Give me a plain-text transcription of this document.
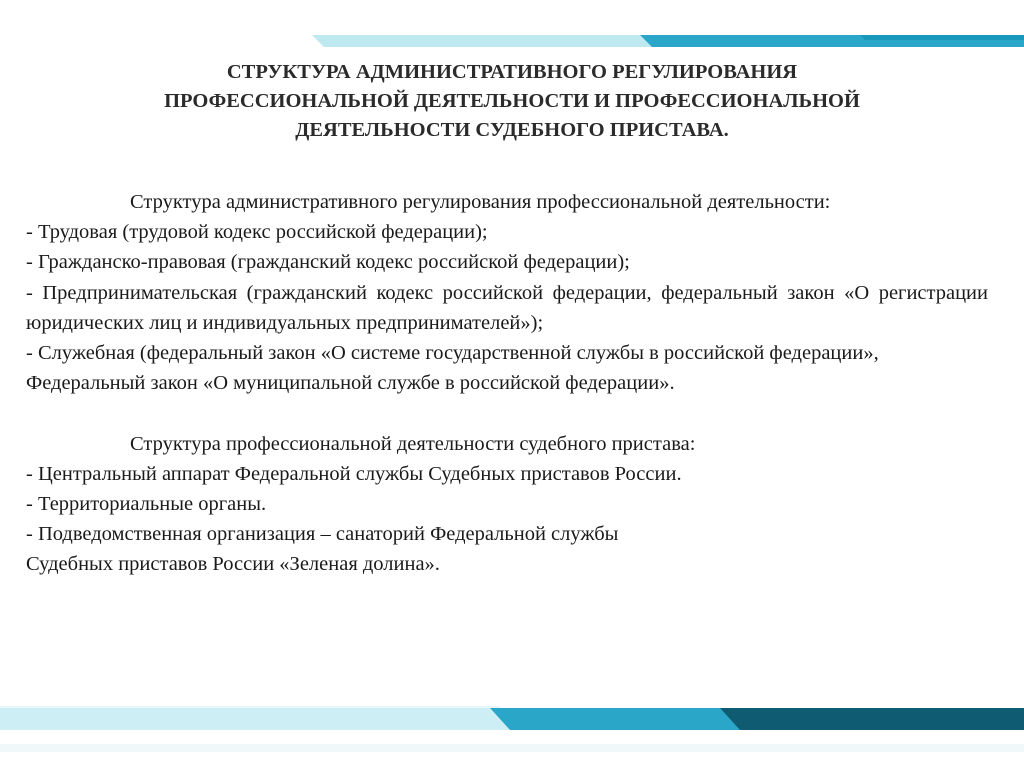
СТРУКТУРА АДМИНИСТРАТИВНОГО РЕГУЛИРОВАНИЯ
ПРОФЕССИОНАЛЬНОЙ ДЕЯТЕЛЬНОСТИ И ПРОФЕССИОНАЛЬНОЙ
ДЕЯТЕЛЬНОСТИ СУДЕБНОГО ПРИСТАВА.

Структура административного регулирования профессиональной деятельности:

- Трудовая (трудовой кодекс российской федерации);

- Гражданско-правовая (гражданский кодекс российской федерации);

- Предпринимательская (гражданский кодекс российской федерации, федеральный закон «О регистрации юридических лиц и индивидуальных предпринимателей»);

- Служебная (федеральный закон «О системе государственной службы в российской федерации»,

Федеральный закон «О муниципальной службе в российской федерации».

Структура профессиональной деятельности судебного пристава:

- Центральный аппарат Федеральной службы Судебных приставов России.

- Территориальные органы.

- Подведомственная организация – санаторий Федеральной службы

Судебных приставов России «Зеленая долина».
